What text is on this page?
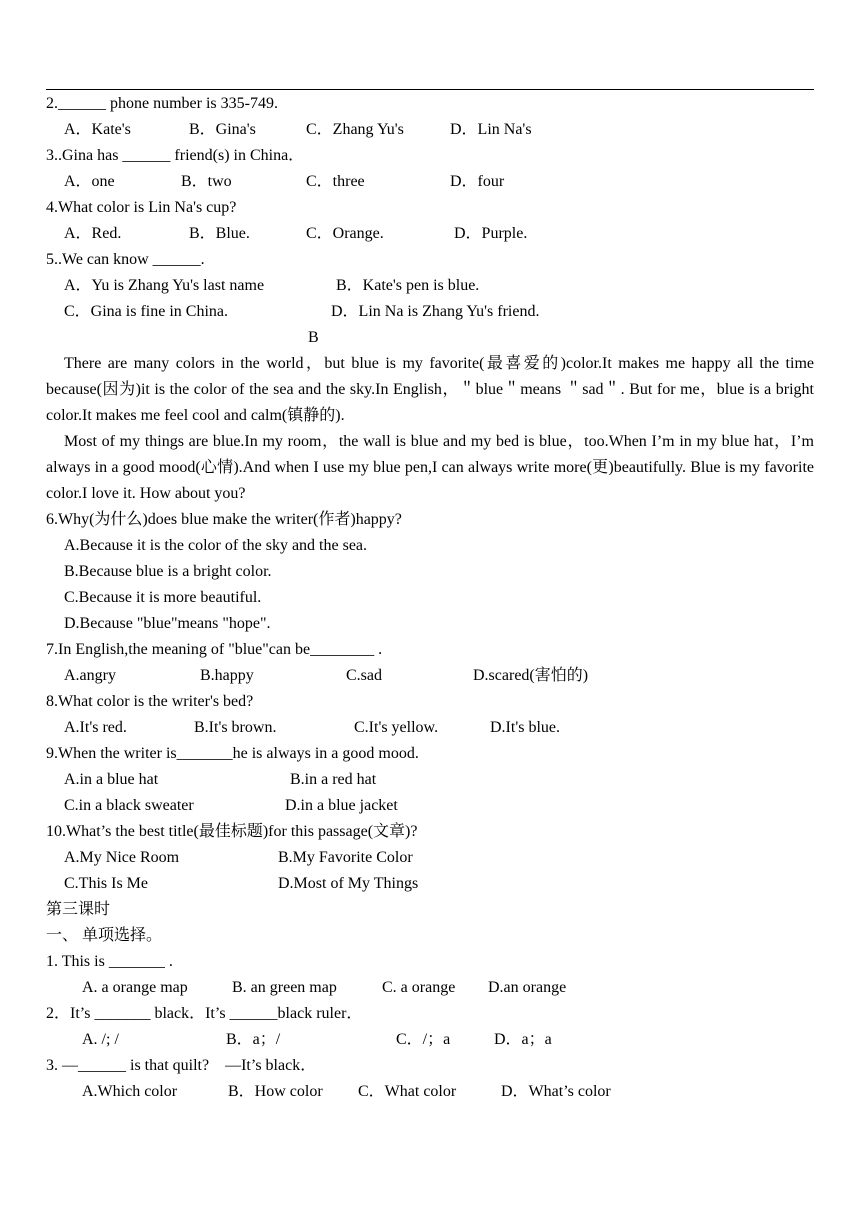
2.______ phone number is 335-749.
A．Kate's	B．Gina's	C．Zhang Yu's	D．Lin Na's
3..Gina has ______ friend(s) in China．
A．one	B．two	C．three	D．four
4.What color is Lin Na's cup?
A．Red.	B．Blue.	C．Orange.	D．Purple.
5..We can know ______.
A．Yu is Zhang Yu's last name	B．Kate's pen is blue.
C．Gina is fine in China.	D．Lin Na is Zhang Yu's friend.
B
There are many colors in the world，but blue is my favorite(最喜爱的)color.It makes me happy all the time because(因为)it is the color of the sea and the sky.In English，＂blue＂means ＂sad＂. But for me，blue is a bright color.It makes me feel cool and calm(镇静的).
Most of my things are blue.In my room，the wall is blue and my bed is blue，too.When I’m in my blue hat，I’m always in a good mood(心情).And when I use my blue pen,I can always write more(更)beautifully. Blue is my favorite color.I love it. How about you?
6.Why(为什么)does blue make the writer(作者)happy?
A.Because it is the color of the sky and the sea.
B.Because blue is a bright color.
C.Because it is more beautiful.
D.Because "blue"means "hope".
7.In English,the meaning of "blue"can be________ .
A.angry	B.happy	C.sad	D.scared(害怕的)
8.What color is the writer's bed?
A.It's red.	B.It's brown.	C.It's yellow.	D.It's blue.
9.When the writer is_______he is always in a good mood.
A.in a blue hat	B.in a red hat
C.in a black sweater	D.in a blue jacket
10.What’s the best title(最佳标题)for this passage(文章)?
A.My Nice Room	B.My Favorite Color
C.This Is Me	D.Most of My Things
第三课时
一、 单项选择。
1. This is _______ .
A. a orange map	B. an green map	C. a orange D.an orange
2．It’s _______ black．It’s ______black ruler．
A. /; /	B．a；/	C．/；a	D．a；a
3. —______ is that quilt?　—It’s black．
A.Which color	B．How color C．What color	D．What’s color
